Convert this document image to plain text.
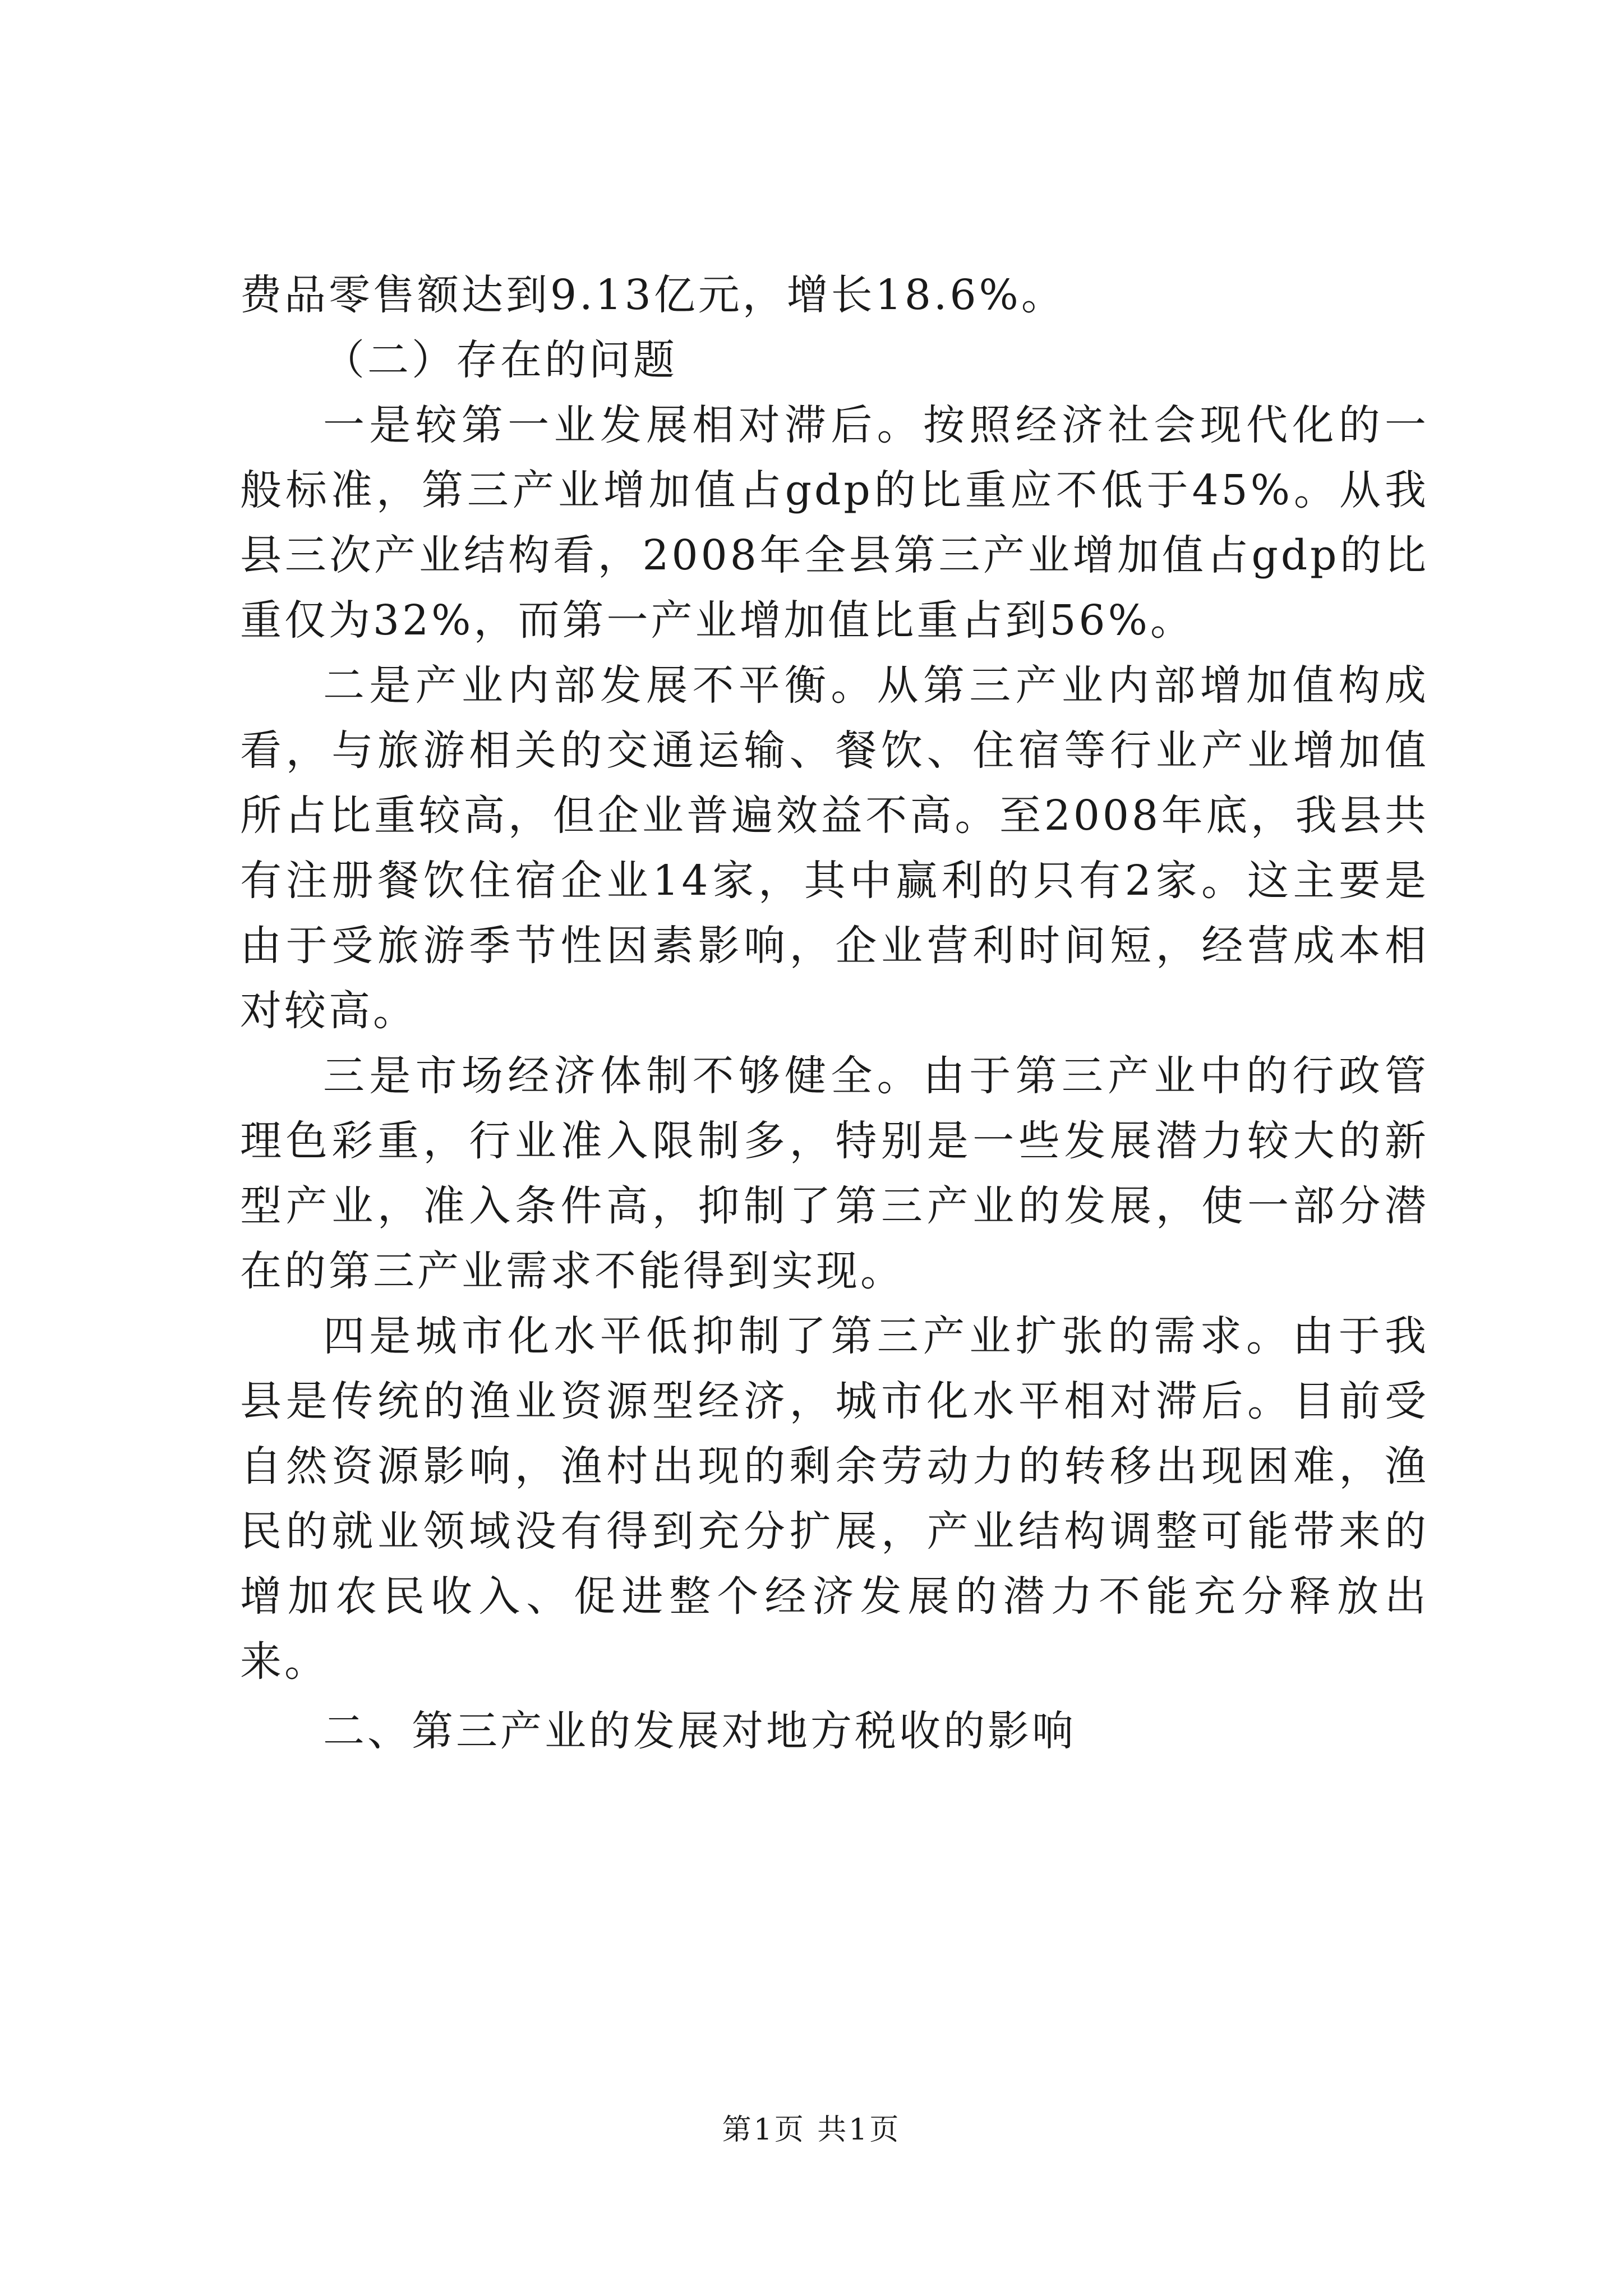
费品零售额达到9.13亿元，增长18.6%。

（二）存在的问题

一是较第一业发展相对滞后。按照经济社会现代化的一般标准，第三产业增加值占gdp的比重应不低于45%。从我县三次产业结构看，2008年全县第三产业增加值占gdp的比重仅为32%，而第一产业增加值比重占到56%。

二是产业内部发展不平衡。从第三产业内部增加值构成看，与旅游相关的交通运输、餐饮、住宿等行业产业增加值所占比重较高，但企业普遍效益不高。至2008年底，我县共有注册餐饮住宿企业14家，其中赢利的只有2家。这主要是由于受旅游季节性因素影响，企业营利时间短，经营成本相对较高。

三是市场经济体制不够健全。由于第三产业中的行政管理色彩重，行业准入限制多，特别是一些发展潜力较大的新型产业，准入条件高，抑制了第三产业的发展，使一部分潜在的第三产业需求不能得到实现。

四是城市化水平低抑制了第三产业扩张的需求。由于我县是传统的渔业资源型经济，城市化水平相对滞后。目前受自然资源影响，渔村出现的剩余劳动力的转移出现困难，渔民的就业领域没有得到充分扩展，产业结构调整可能带来的增加农民收入、促进整个经济发展的潜力不能充分释放出来。

二、第三产业的发展对地方税收的影响

第1页 共1页
